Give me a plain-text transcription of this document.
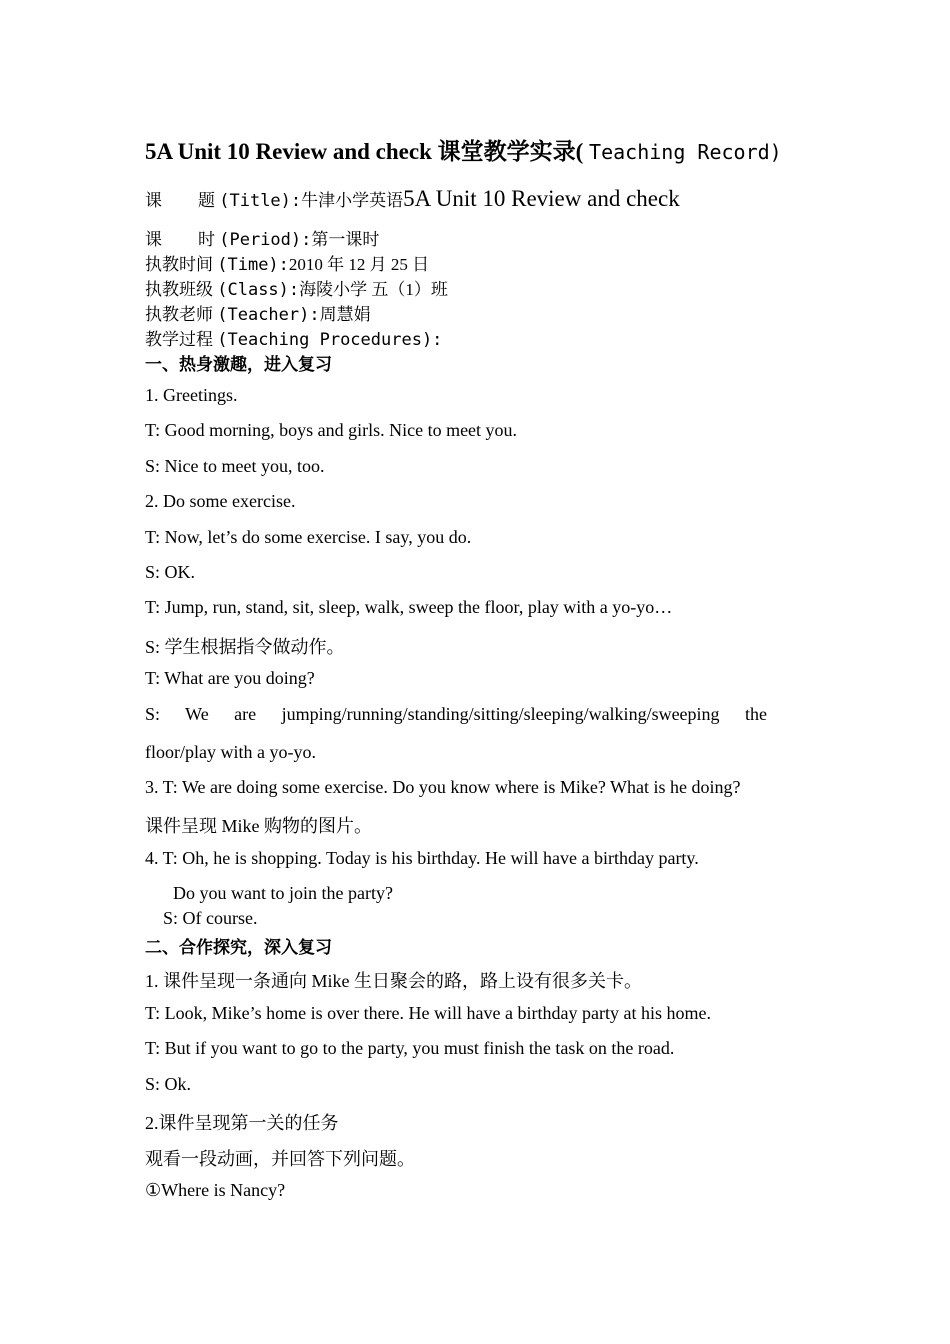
5A Unit 10 Review and check 课堂教学实录( Teaching Record)
课 题 (Title):牛津小学英语5A Unit 10 Review and check
课 时 (Period):第一课时
执教时间 (Time):2010 年 12 月 25 日
执教班级 (Class):海陵小学 五（1）班
执教老师 (Teacher):周慧娟
教学过程 (Teaching Procedures):
一、热身激趣，进入复习
1. Greetings.
T: Good morning, boys and girls. Nice to meet you.
S: Nice to meet you, too.
2. Do some exercise.
T: Now, let’s do some exercise. I say, you do.
S: OK.
T: Jump, run, stand, sit, sleep, walk, sweep the floor, play with a yo-yo…
S: 学生根据指令做动作。
T: What are you doing?
S: We are jumping/running/standing/sitting/sleeping/walking/sweeping the
floor/play with a yo-yo.
3. T: We are doing some exercise. Do you know where is Mike? What is he doing?
课件呈现 Mike 购物的图片。
4. T: Oh, he is shopping. Today is his birthday. He will have a birthday party.
Do you want to join the party?
S: Of course.
二、合作探究，深入复习
1. 课件呈现一条通向 Mike 生日聚会的路，路上设有很多关卡。
T: Look, Mike’s home is over there. He will have a birthday party at his home.
T: But if you want to go to the party, you must finish the task on the road.
S: Ok.
2.课件呈现第一关的任务
观看一段动画，并回答下列问题。
①Where is Nancy?
